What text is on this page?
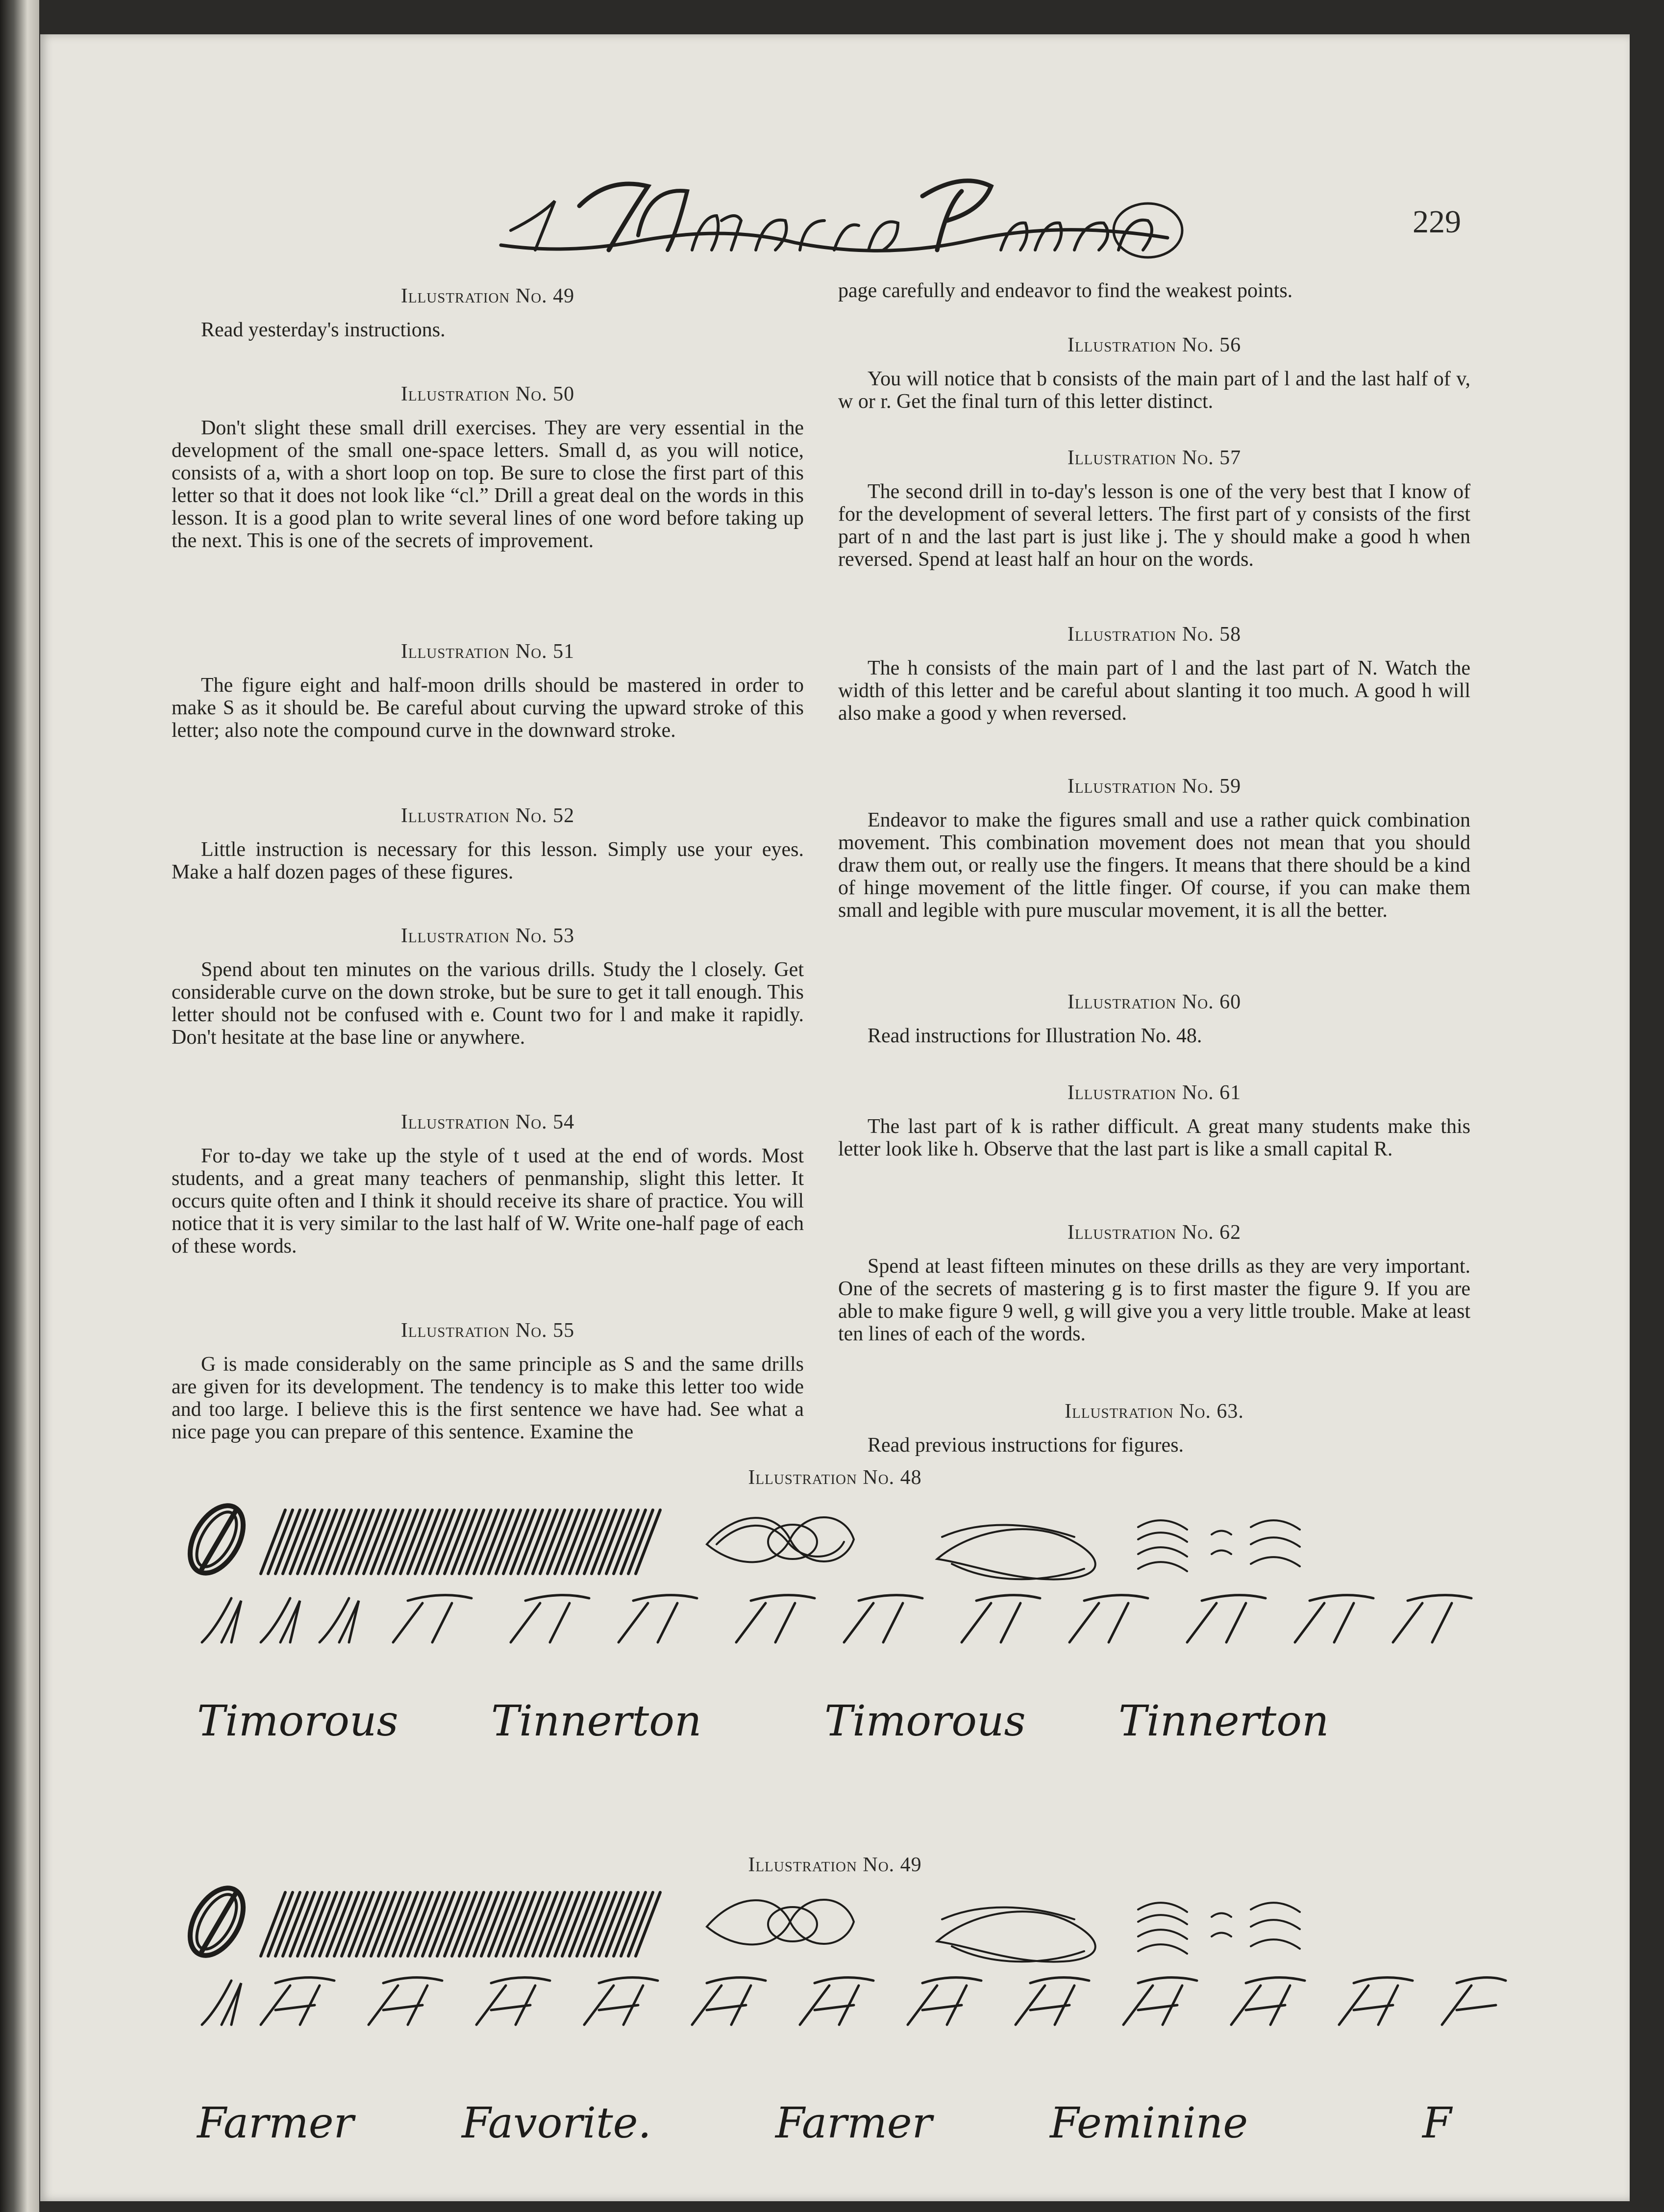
229
Illustration No. 49
Read yesterday's instructions.
Illustration No. 50
Don't slight these small drill exercises. They are very essential in the development of the small one-space letters. Small d, as you will notice, consists of a, with a short loop on top. Be sure to close the first part of this letter so that it does not look like “cl.” Drill a great deal on the words in this lesson. It is a good plan to write several lines of one word before taking up the next. This is one of the secrets of improvement.
Illustration No. 51
The figure eight and half-moon drills should be mastered in order to make S as it should be. Be careful about curving the upward stroke of this letter; also note the compound curve in the downward stroke.
Illustration No. 52
Little instruction is necessary for this lesson. Simply use your eyes. Make a half dozen pages of these figures.
Illustration No. 53
Spend about ten minutes on the various drills. Study the l closely. Get considerable curve on the down stroke, but be sure to get it tall enough. This letter should not be confused with e. Count two for l and make it rapidly. Don't hesitate at the base line or anywhere.
Illustration No. 54
For to-day we take up the style of t used at the end of words. Most students, and a great many teachers of penmanship, slight this letter. It occurs quite often and I think it should receive its share of practice. You will notice that it is very similar to the last half of W. Write one-half page of each of these words.
Illustration No. 55
G is made considerably on the same principle as S and the same drills are given for its development. The tendency is to make this letter too wide and too large. I believe this is the first sentence we have had. See what a nice page you can prepare of this sentence. Examine the
page carefully and endeavor to find the weakest points.
Illustration No. 56
You will notice that b consists of the main part of l and the last half of v, w or r. Get the final turn of this letter distinct.
Illustration No. 57
The second drill in to-day's lesson is one of the very best that I know of for the development of several letters. The first part of y consists of the first part of n and the last part is just like j. The y should make a good h when reversed. Spend at least half an hour on the words.
Illustration No. 58
The h consists of the main part of l and the last part of N. Watch the width of this letter and be careful about slanting it too much. A good h will also make a good y when reversed.
Illustration No. 59
Endeavor to make the figures small and use a rather quick combination movement. This combination movement does not mean that you should draw them out, or really use the fingers. It means that there should be a kind of hinge movement of the little finger. Of course, if you can make them small and legible with pure muscular movement, it is all the better.
Illustration No. 60
Read instructions for Illustration No. 48.
Illustration No. 61
The last part of k is rather difficult. A great many students make this letter look like h. Observe that the last part is like a small capital R.
Illustration No. 62
Spend at least fifteen minutes on these drills as they are very important. One of the secrets of mastering g is to first master the figure 9. If you are able to make figure 9 well, g will give you a very little trouble. Make at least ten lines of each of the words.
Illustration No. 63.
Read previous instructions for figures.
Illustration No. 48
Timorous Tinnerton	Timorous Tinnerton
Illustration No. 49
Farmer	Favorite.	Farmer	Feminine	F
